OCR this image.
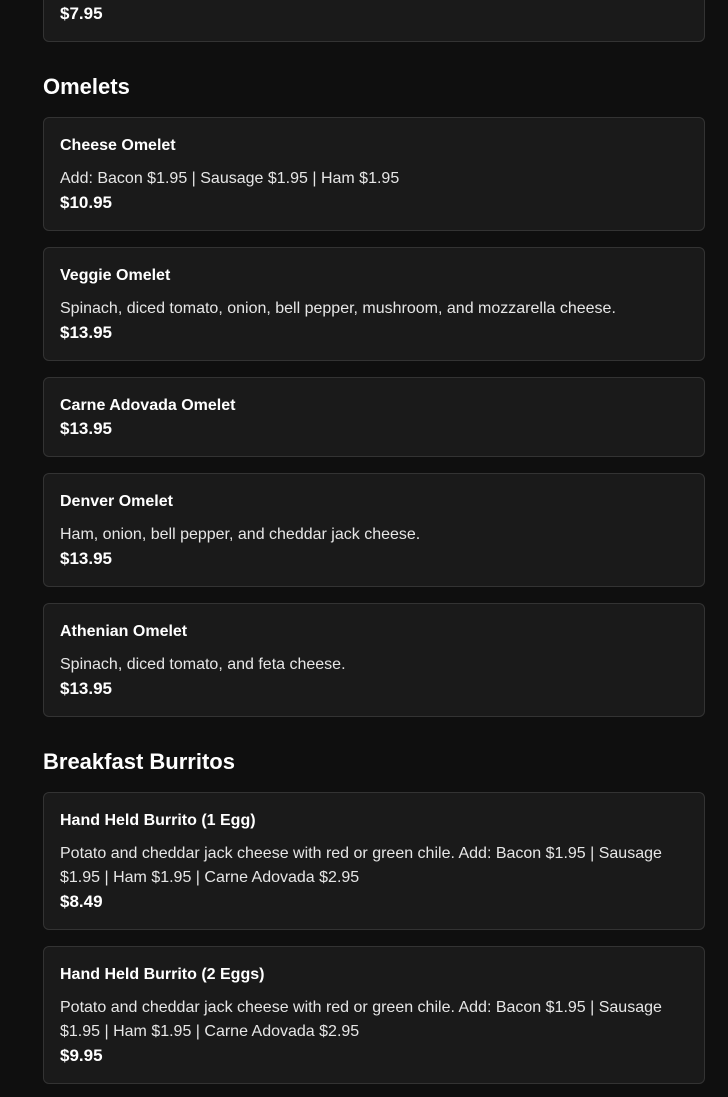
$7.95
Omelets
Cheese Omelet
Add: Bacon $1.95 | Sausage $1.95 | Ham $1.95
$10.95
Veggie Omelet
Spinach, diced tomato, onion, bell pepper, mushroom, and mozzarella cheese.
$13.95
Carne Adovada Omelet
$13.95
Denver Omelet
Ham, onion, bell pepper, and cheddar jack cheese.
$13.95
Athenian Omelet
Spinach, diced tomato, and feta cheese.
$13.95
Breakfast Burritos
Hand Held Burrito (1 Egg)
Potato and cheddar jack cheese with red or green chile. Add: Bacon $1.95 | Sausage $1.95 | Ham $1.95 | Carne Adovada $2.95
$8.49
Hand Held Burrito (2 Eggs)
Potato and cheddar jack cheese with red or green chile. Add: Bacon $1.95 | Sausage $1.95 | Ham $1.95 | Carne Adovada $2.95
$9.95
